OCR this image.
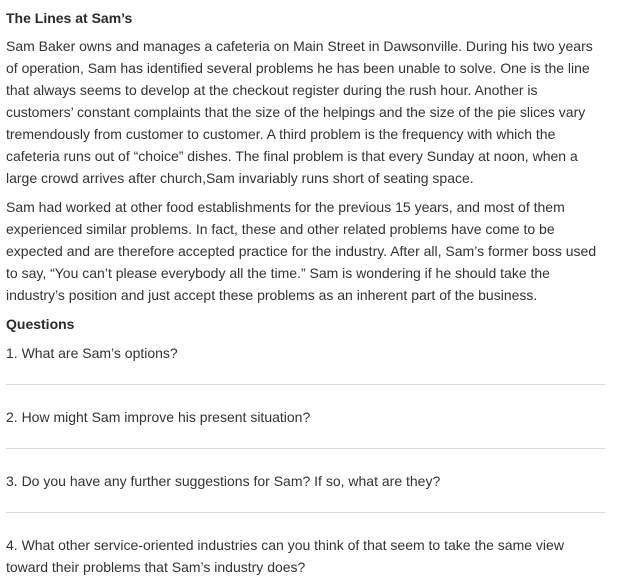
The Lines at Sam’s
Sam Baker owns and manages a cafeteria on Main Street in Dawsonville. During his two years
of operation, Sam has identified several problems he has been unable to solve. One is the line
that always seems to develop at the checkout register during the rush hour. Another is
customers’ constant complaints that the size of the helpings and the size of the pie slices vary
tremendously from customer to customer. A third problem is the frequency with which the
cafeteria runs out of “choice” dishes. The final problem is that every Sunday at noon, when a
large crowd arrives after church,Sam invariably runs short of seating space.
Sam had worked at other food establishments for the previous 15 years, and most of them
experienced similar problems. In fact, these and other related problems have come to be
expected and are therefore accepted practice for the industry. After all, Sam’s former boss used
to say, “You can’t please everybody all the time.” Sam is wondering if he should take the
industry’s position and just accept these problems as an inherent part of the business.
Questions
1. What are Sam’s options?
2. How might Sam improve his present situation?
3. Do you have any further suggestions for Sam? If so, what are they?
4. What other service-oriented industries can you think of that seem to take the same view
toward their problems that Sam’s industry does?
